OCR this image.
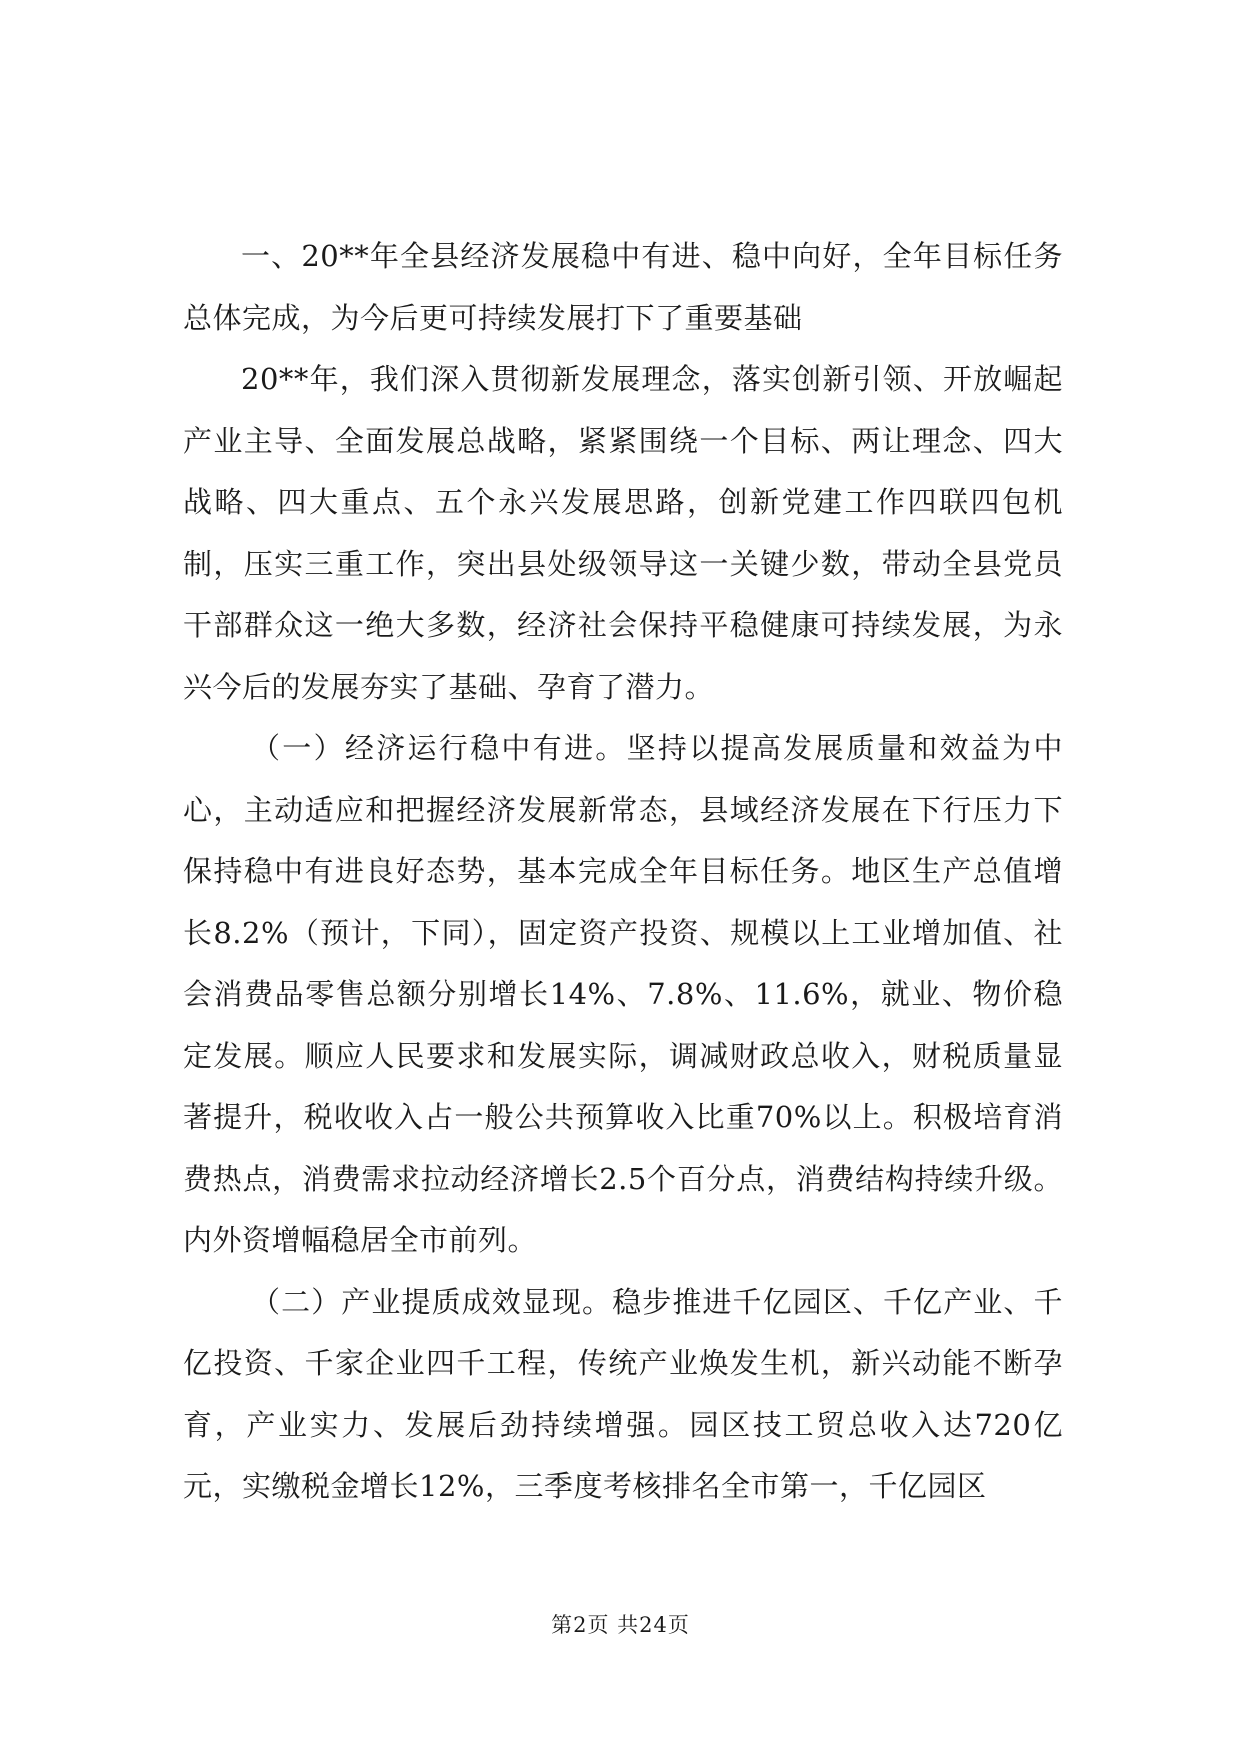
一、20**年全县经济发展稳中有进、稳中向好，全年目标任务总体完成，为今后更可持续发展打下了重要基础

20**年，我们深入贯彻新发展理念，落实创新引领、开放崛起产业主导、全面发展总战略，紧紧围绕一个目标、两让理念、四大战略、四大重点、五个永兴发展思路，创新党建工作四联四包机制，压实三重工作，突出县处级领导这一关键少数，带动全县党员干部群众这一绝大多数，经济社会保持平稳健康可持续发展，为永兴今后的发展夯实了基础、孕育了潜力。

（一）经济运行稳中有进。坚持以提高发展质量和效益为中心，主动适应和把握经济发展新常态，县域经济发展在下行压力下保持稳中有进良好态势，基本完成全年目标任务。地区生产总值增长8.2%（预计，下同），固定资产投资、规模以上工业增加值、社会消费品零售总额分别增长14%、7.8%、11.6%，就业、物价稳定发展。顺应人民要求和发展实际，调减财政总收入，财税质量显著提升，税收收入占一般公共预算收入比重70%以上。积极培育消费热点，消费需求拉动经济增长2.5个百分点，消费结构持续升级。内外资增幅稳居全市前列。

（二）产业提质成效显现。稳步推进千亿园区、千亿产业、千亿投资、千家企业四千工程，传统产业焕发生机，新兴动能不断孕育，产业实力、发展后劲持续增强。园区技工贸总收入达720亿元，实缴税金增长12%，三季度考核排名全市第一，千亿园区

第2页 共24页
